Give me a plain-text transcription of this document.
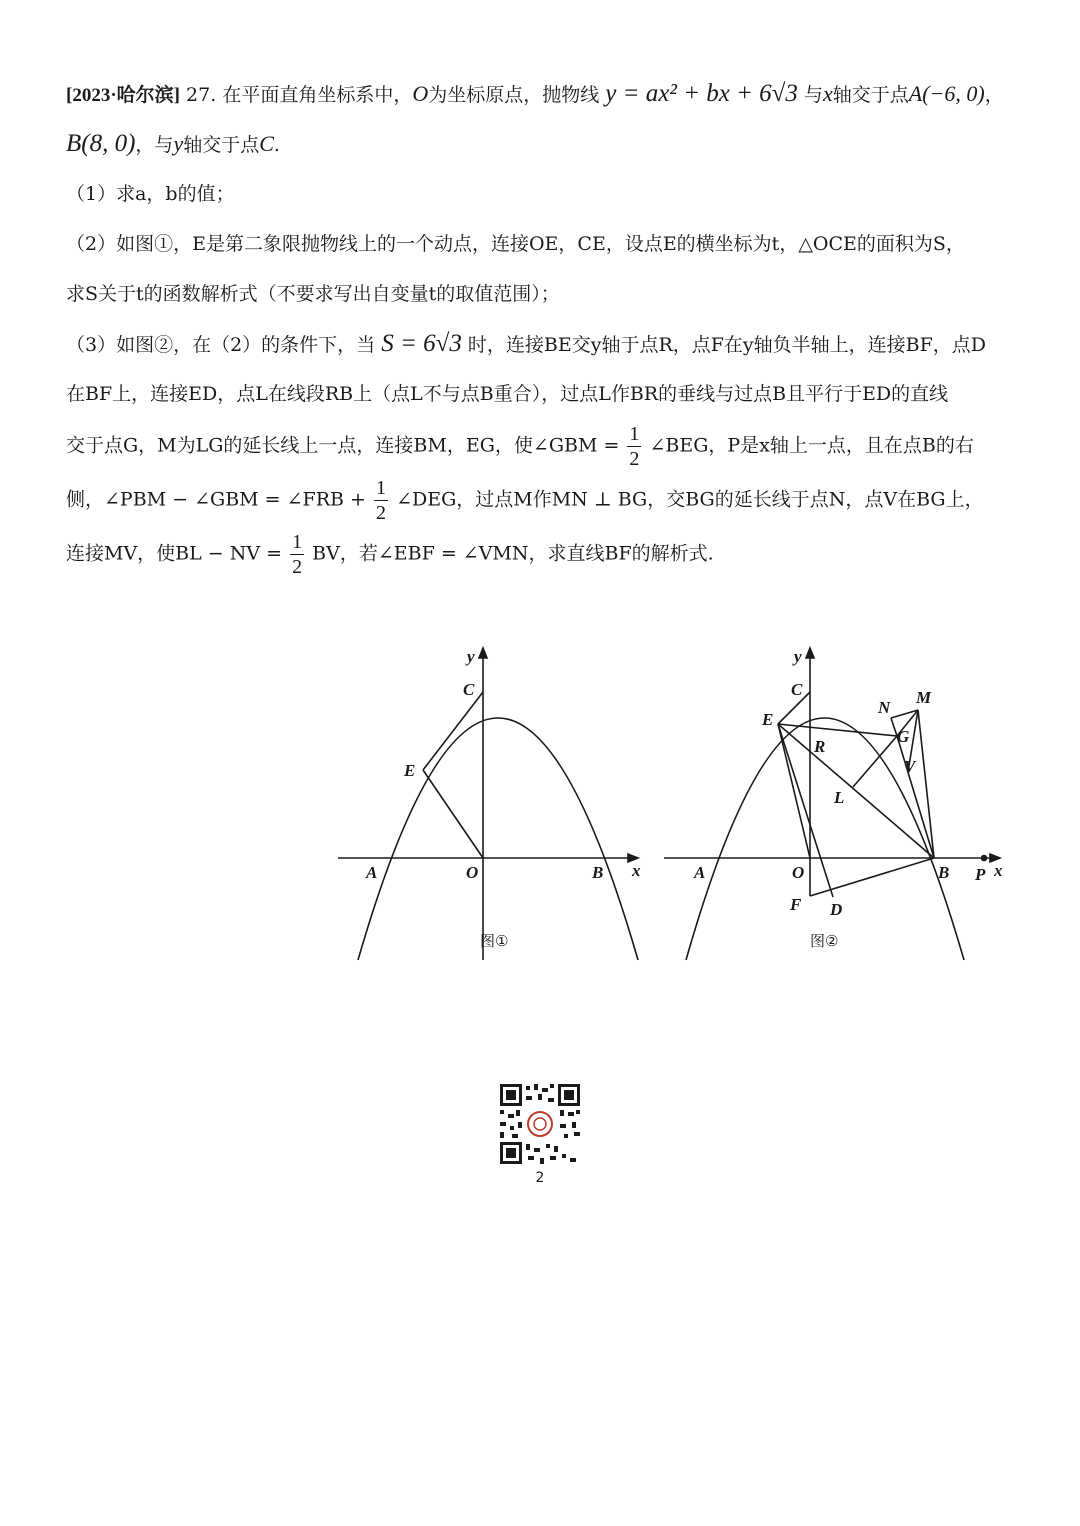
[2023·哈尔滨] 27. 在平面直角坐标系中，O为坐标原点，抛物线 y = ax² + bx + 6√3 与x轴交于点A(−6, 0)，
B(8, 0)，与y轴交于点C.
（1）求a，b的值；
（2）如图①，E是第二象限抛物线上的一个动点，连接OE，CE，设点E的横坐标为t，△OCE的面积为S，
求S关于t的函数解析式（不要求写出自变量t的取值范围）；
（3）如图②，在（2）的条件下，当 S = 6√3 时，连接BE交y轴于点R，点F在y轴负半轴上，连接BF，点D
在BF上，连接ED，点L在线段RB上（点L不与点B重合），过点L作BR的垂线与过点B且平行于ED的直线
交于点G，M为LG的延长线上一点，连接BM，EG，使∠GBM = $\frac{1}{2}$ ∠BEG，P是x轴上一点，且在点B的右
侧，∠PBM − ∠GBM = ∠FRB + $\frac{1}{2}$ ∠DEG，过点M作MN ⊥ BG，交BG的延长线于点N，点V在BG上，
连接MV，使BL − NV = $\frac{1}{2}$ BV，若∠EBF = ∠VMN，求直线BF的解析式.
y
x
C
E
A	O	B
图①
y
x
C
E
R
L
N
M
G
V
A	O	B P
F D
图②
2
